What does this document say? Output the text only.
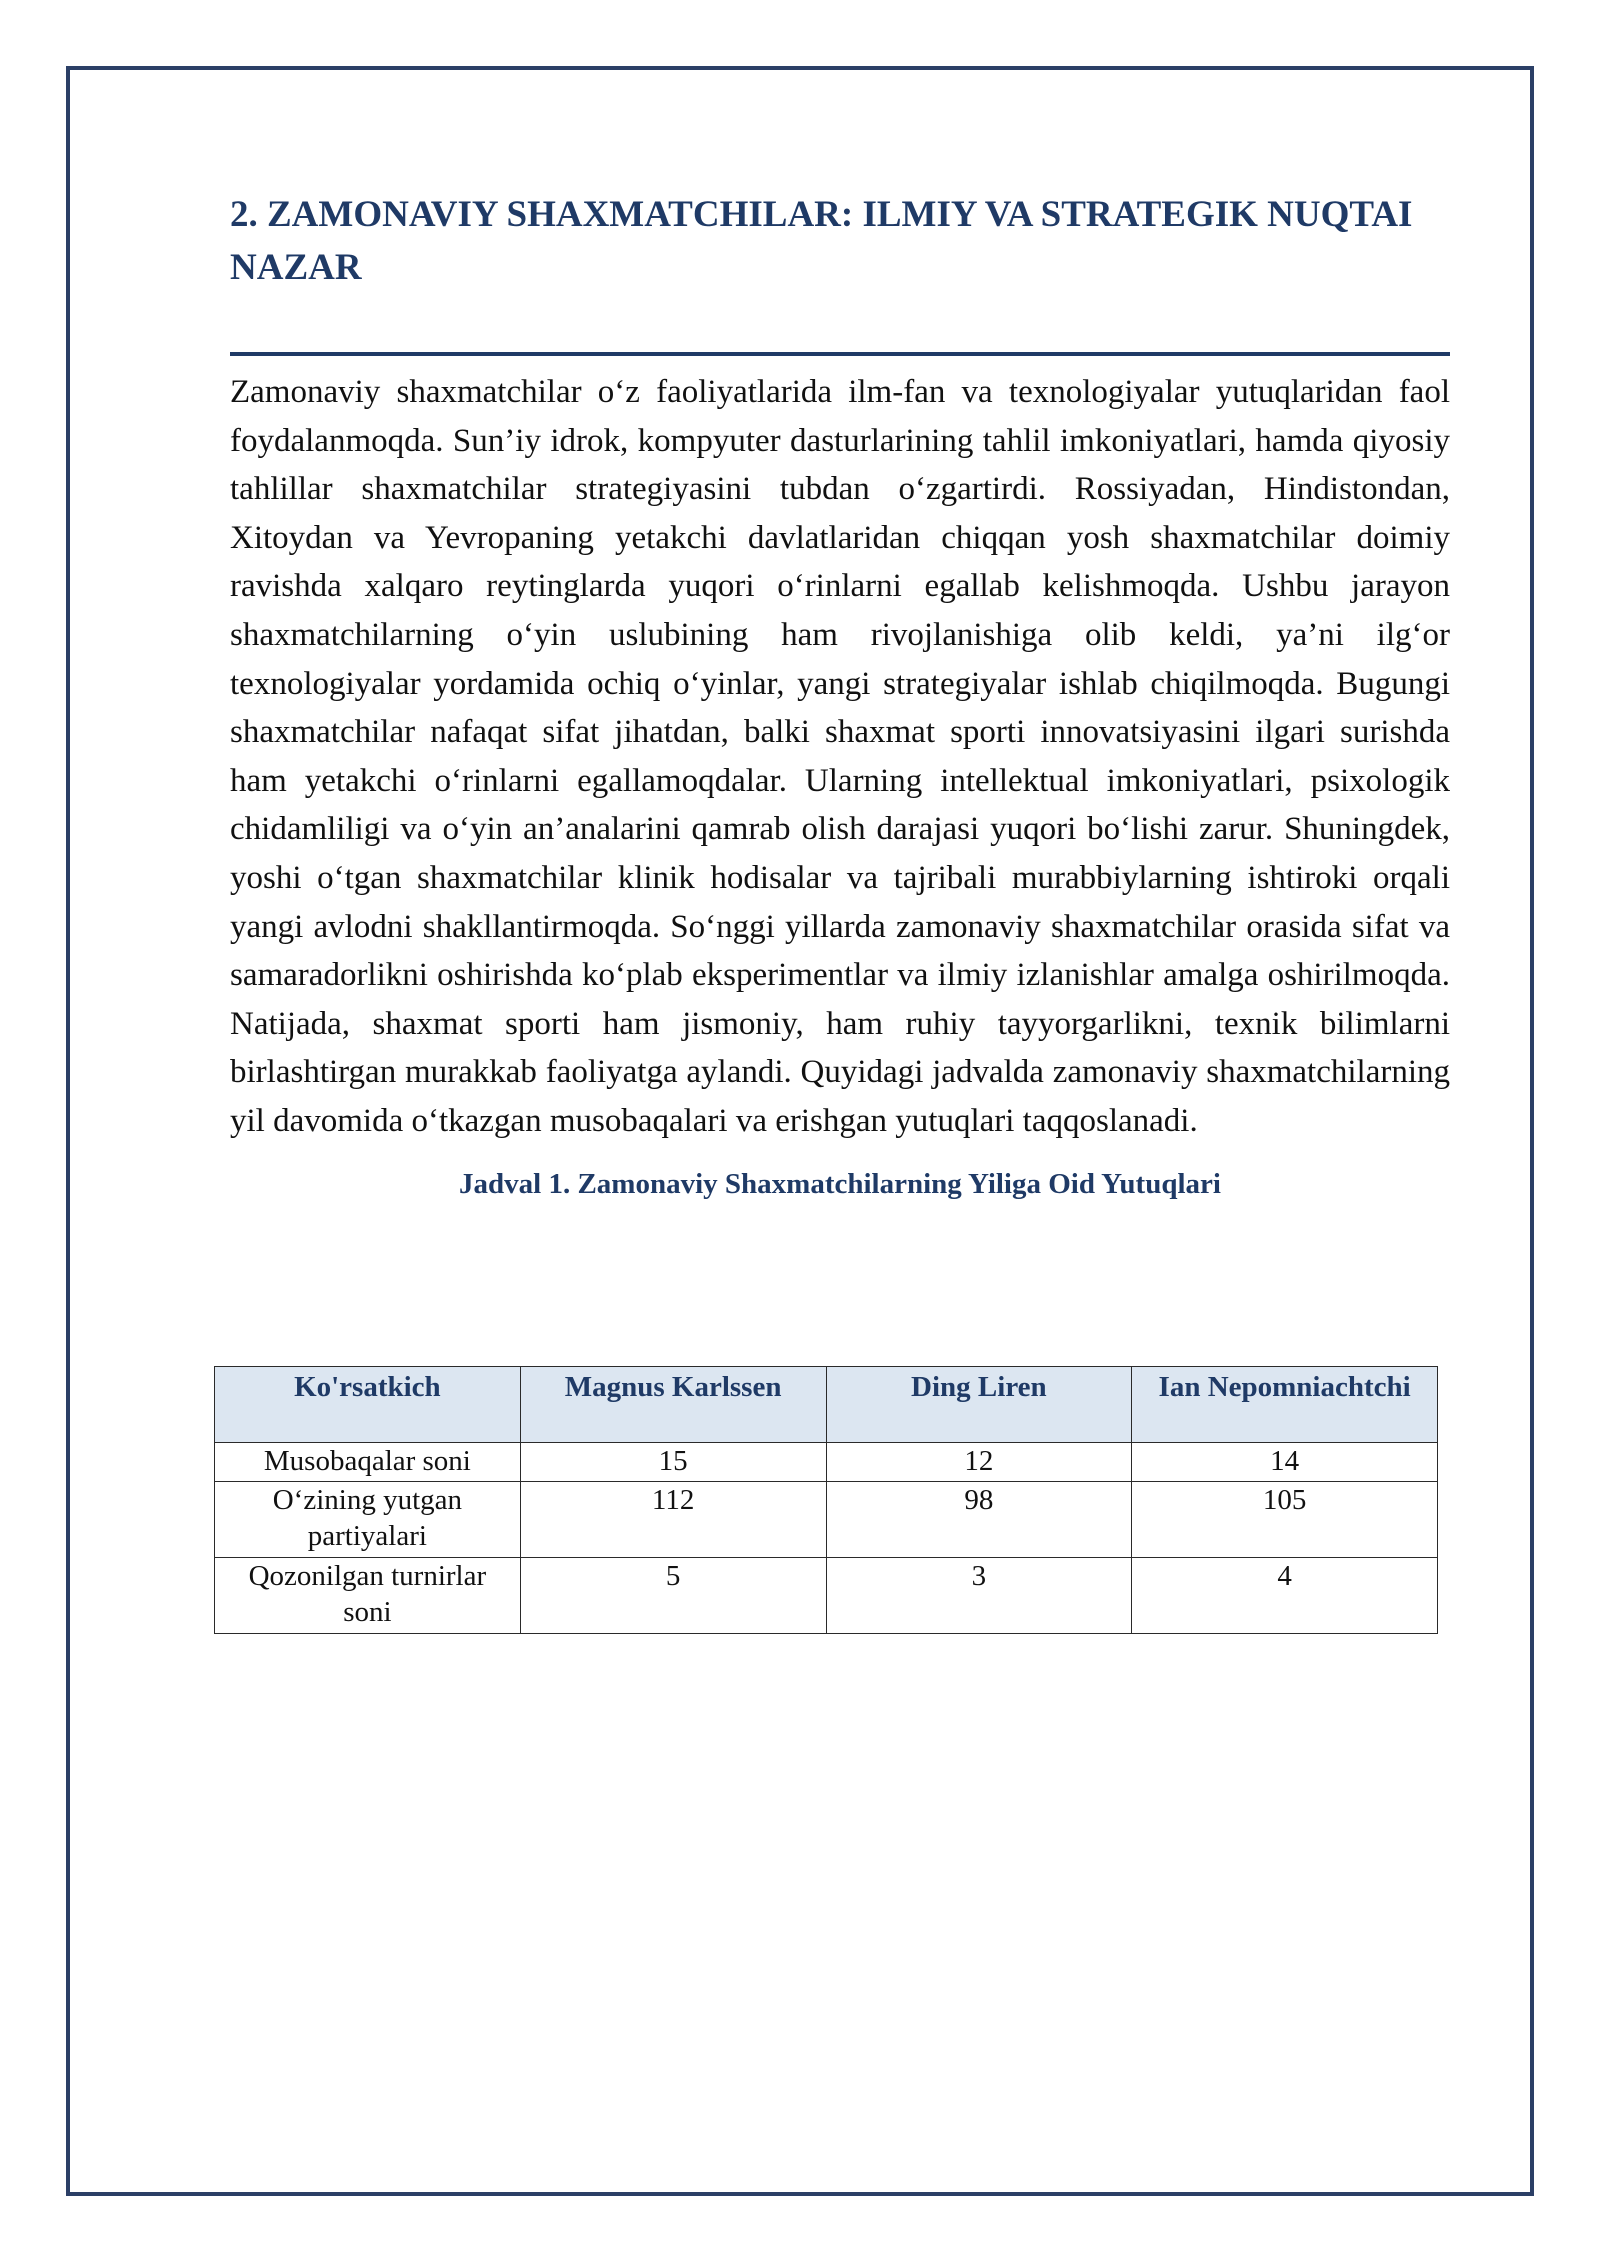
2. ZAMONAVIY SHAXMATCHILAR: ILMIY VA STRATEGIK NUQTAI NAZAR

Zamonaviy shaxmatchilar o‘z faoliyatlarida ilm-fan va texnologiyalar yutuqlaridan faol foydalanmoqda. Sun’iy idrok, kompyuter dasturlarining tahlil imkoniyatlari, hamda qiyosiy tahlillar shaxmatchilar strategiyasini tubdan o‘zgartirdi. Rossiyadan, Hindistondan, Xitoydan va Yevropaning yetakchi davlatlaridan chiqqan yosh shaxmatchilar doimiy ravishda xalqaro reytinglarda yuqori o‘rinlarni egallab kelishmoqda. Ushbu jarayon shaxmatchilarning o‘yin uslubining ham rivojlanishiga olib keldi, ya’ni ilg‘or texnologiyalar yordamida ochiq o‘yinlar, yangi strategiyalar ishlab chiqilmoqda. Bugungi shaxmatchilar nafaqat sifat jihatdan, balki shaxmat sporti innovatsiyasini ilgari surishda ham yetakchi o‘rinlarni egallamoqdalar. Ularning intellektual imkoniyatlari, psixologik chidamliligi va o‘yin an’analarini qamrab olish darajasi yuqori bo‘lishi zarur. Shuningdek, yoshi o‘tgan shaxmatchilar klinik hodisalar va tajribali murabbiylarning ishtiroki orqali yangi avlodni shakllantirmoqda. So‘nggi yillarda zamonaviy shaxmatchilar orasida sifat va samaradorlikni oshirishda ko‘plab eksperimentlar va ilmiy izlanishlar amalga oshirilmoqda. Natijada, shaxmat sporti ham jismoniy, ham ruhiy tayyorgarlikni, texnik bilimlarni birlashtirgan murakkab faoliyatga aylandi. Quyidagi jadvalda zamonaviy shaxmatchilarning yil davomida o‘tkazgan musobaqalari va erishgan yutuqlari taqqoslanadi.

Jadval 1. Zamonaviy Shaxmatchilarning Yiliga Oid Yutuqlari
Ko'rsatkich	Magnus Karlssen	Ding Liren	Ian Nepomniachtchi
Musobaqalar soni	15	12	14
O‘zining yutgan partiyalari	112	98	105
Qozonilgan turnirlar soni	5	3	4
